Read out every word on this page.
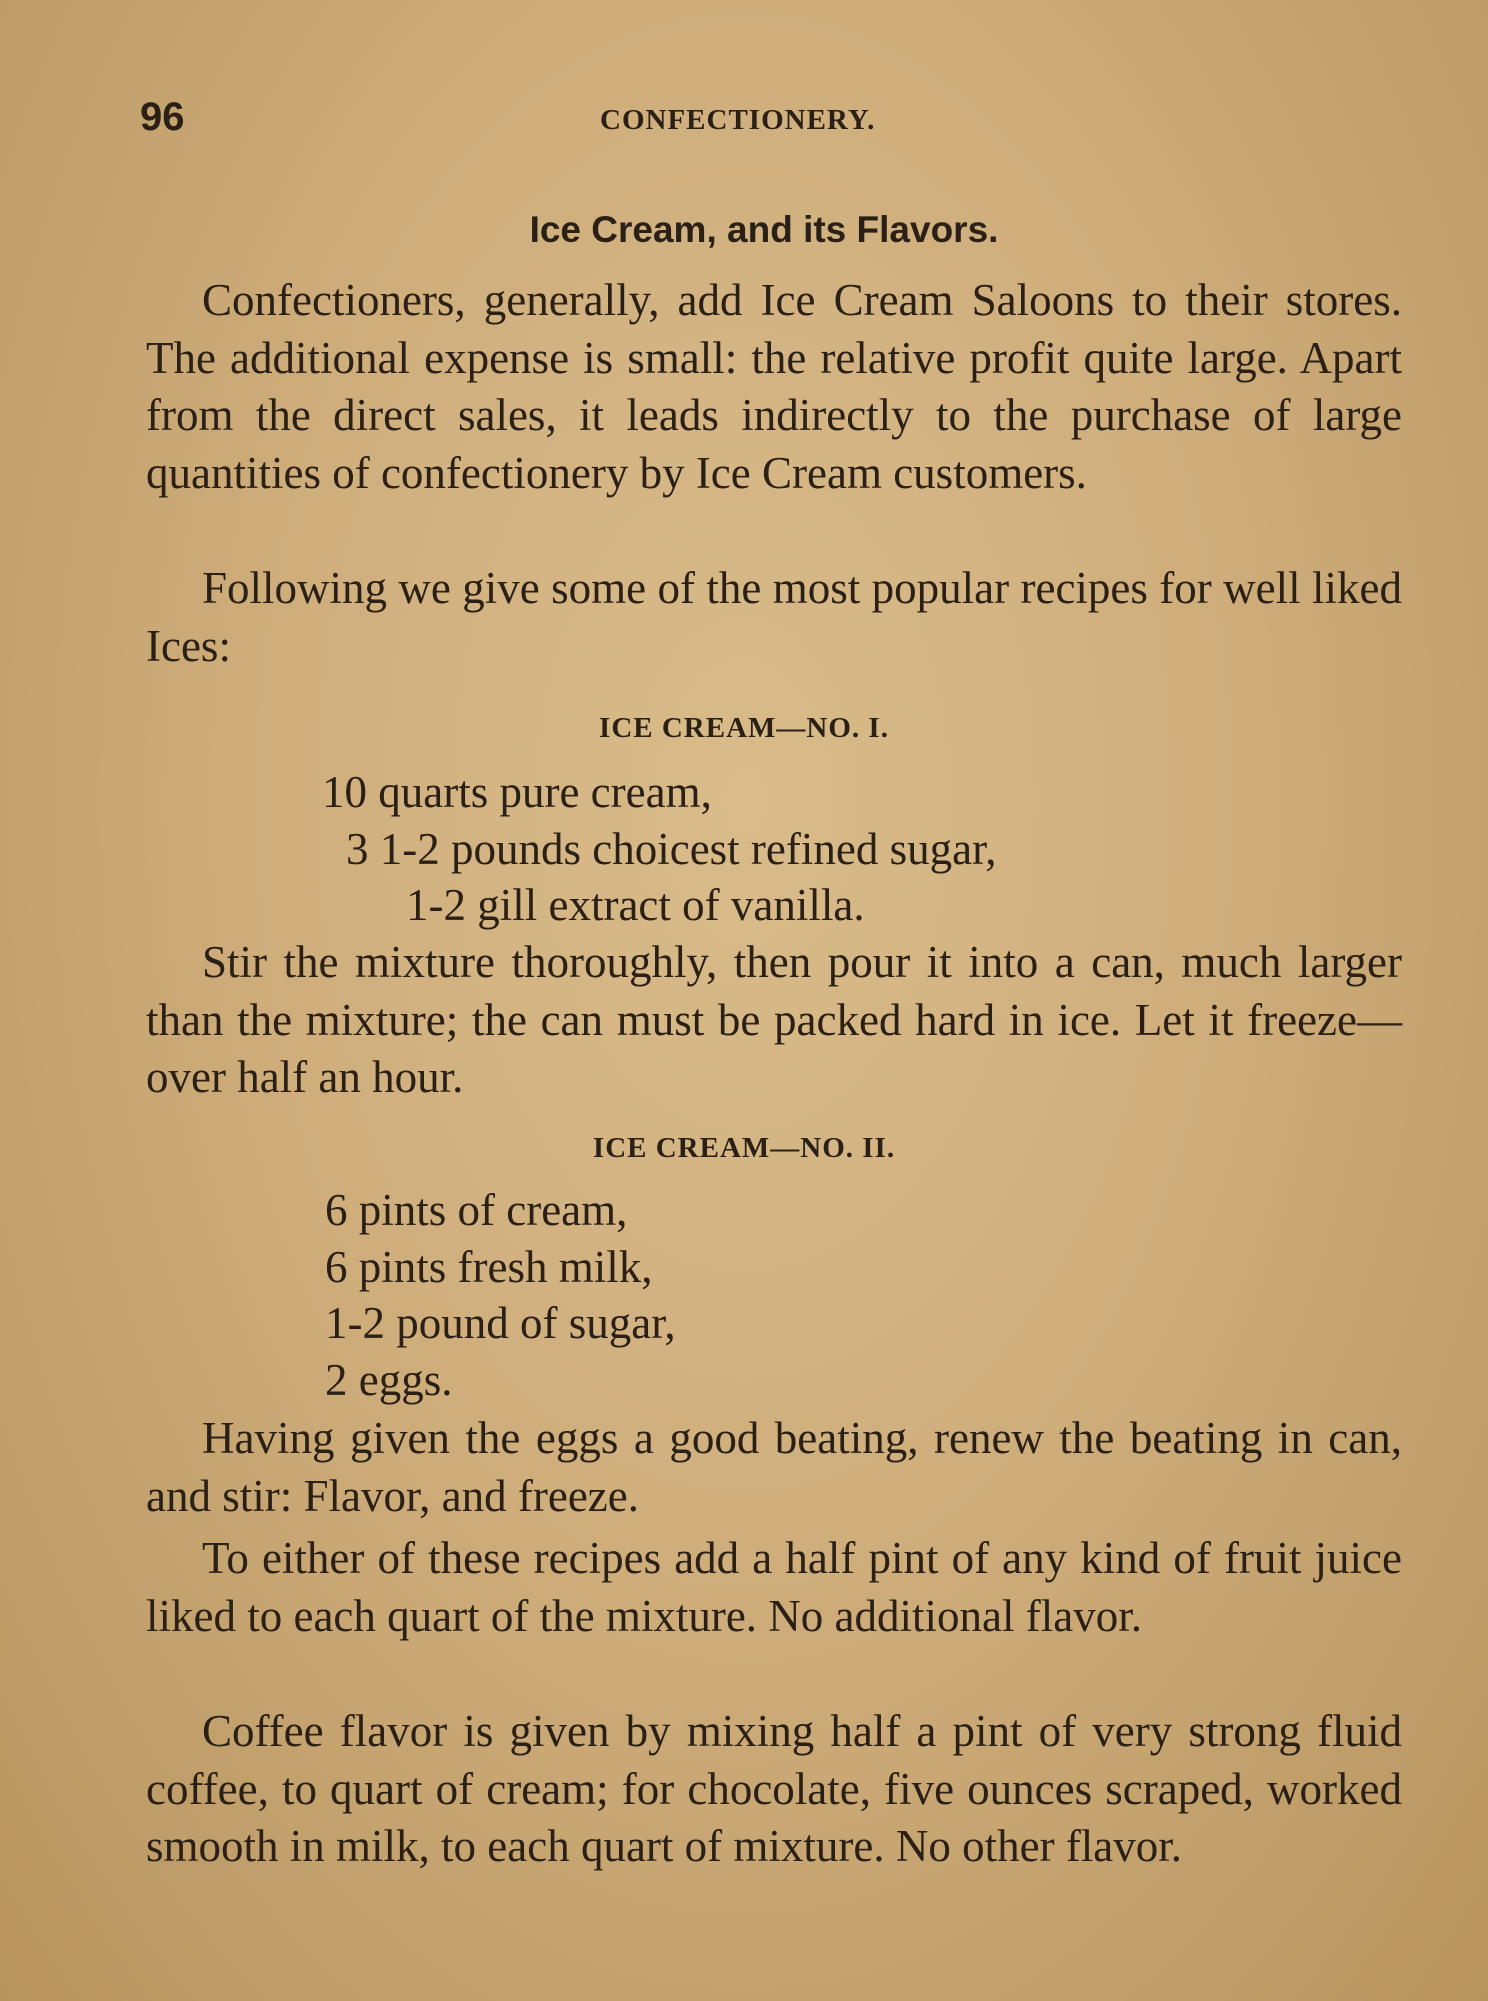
96	CONFECTIONERY.
Ice Cream, and its Flavors.

Confectioners, generally, add Ice Cream Saloons to their stores. The additional expense is small: the relative profit quite large. Apart from the direct sales, it leads indirectly to the purchase of large quantities of confectionery by Ice Cream customers.

Following we give some of the most popular recipes for well liked Ices:

ICE CREAM—NO. I.
10 quarts pure cream,
3 1-2 pounds choicest refined sugar,
1-2 gill extract of vanilla.

Stir the mixture thoroughly, then pour it into a can, much larger than the mixture; the can must be packed hard in ice. Let it freeze—over half an hour.

ICE CREAM—NO. II.
6 pints of cream,
6 pints fresh milk,
1-2 pound of sugar,
2 eggs.

Having given the eggs a good beating, renew the beating in can, and stir: Flavor, and freeze.

To either of these recipes add a half pint of any kind of fruit juice liked to each quart of the mixture. No additional flavor.

Coffee flavor is given by mixing half a pint of very strong fluid coffee, to quart of cream; for chocolate, five ounces scraped, worked smooth in milk, to each quart of mixture. No other flavor.
